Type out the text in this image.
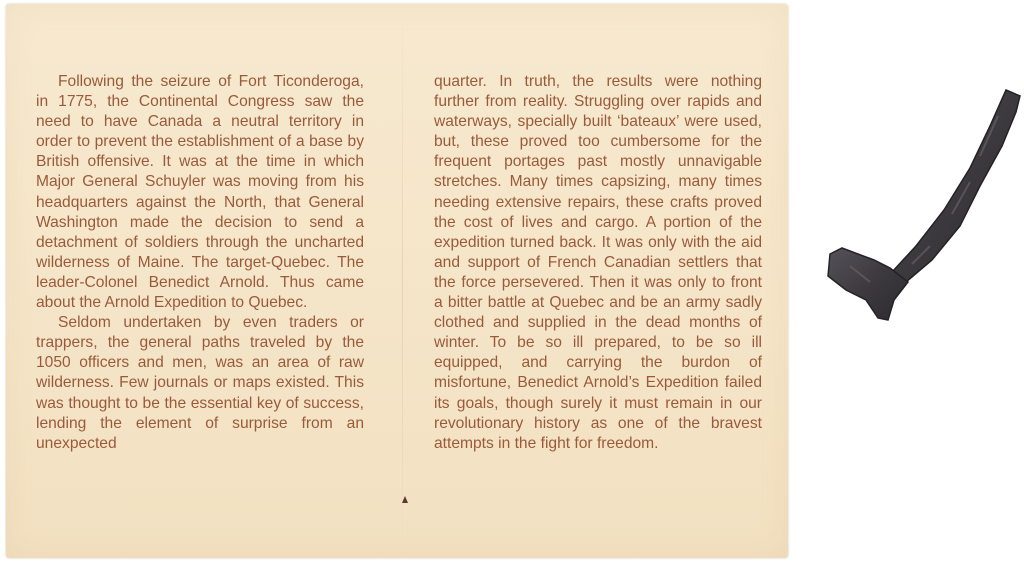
Following the seizure of Fort Ticonderoga, in 1775, the Continental Congress saw the need to have Canada a neutral territory in order to prevent the establishment of a base by British offensive. It was at the time in which Major General Schuyler was moving from his headquarters against the North, that General Washington made the decision to send a detachment of soldiers through the uncharted wilderness of Maine. The target-Quebec. The leader-Colonel Benedict Arnold. Thus came about the Arnold Expedition to Quebec.

Seldom undertaken by even traders or trappers, the general paths traveled by the 1050 officers and men, was an area of raw wilderness. Few journals or maps existed. This was thought to be the essential key of success, lending the element of surprise from an unexpected

quarter. In truth, the results were nothing further from reality. Struggling over rapids and waterways, specially built ‘bateaux’ were used, but, these proved too cumbersome for the frequent portages past mostly unnavigable stretches. Many times capsizing, many times needing extensive repairs, these crafts proved the cost of lives and cargo. A portion of the expedition turned back. It was only with the aid and support of French Canadian settlers that the force persevered. Then it was only to front a bitter battle at Quebec and be an army sadly clothed and supplied in the dead months of winter. To be so ill prepared, to be so ill equipped, and carrying the burdon of misfortune, Benedict Arnold’s Expedition failed its goals, though surely it must remain in our revolutionary history as one of the bravest attempts in the fight for freedom.
